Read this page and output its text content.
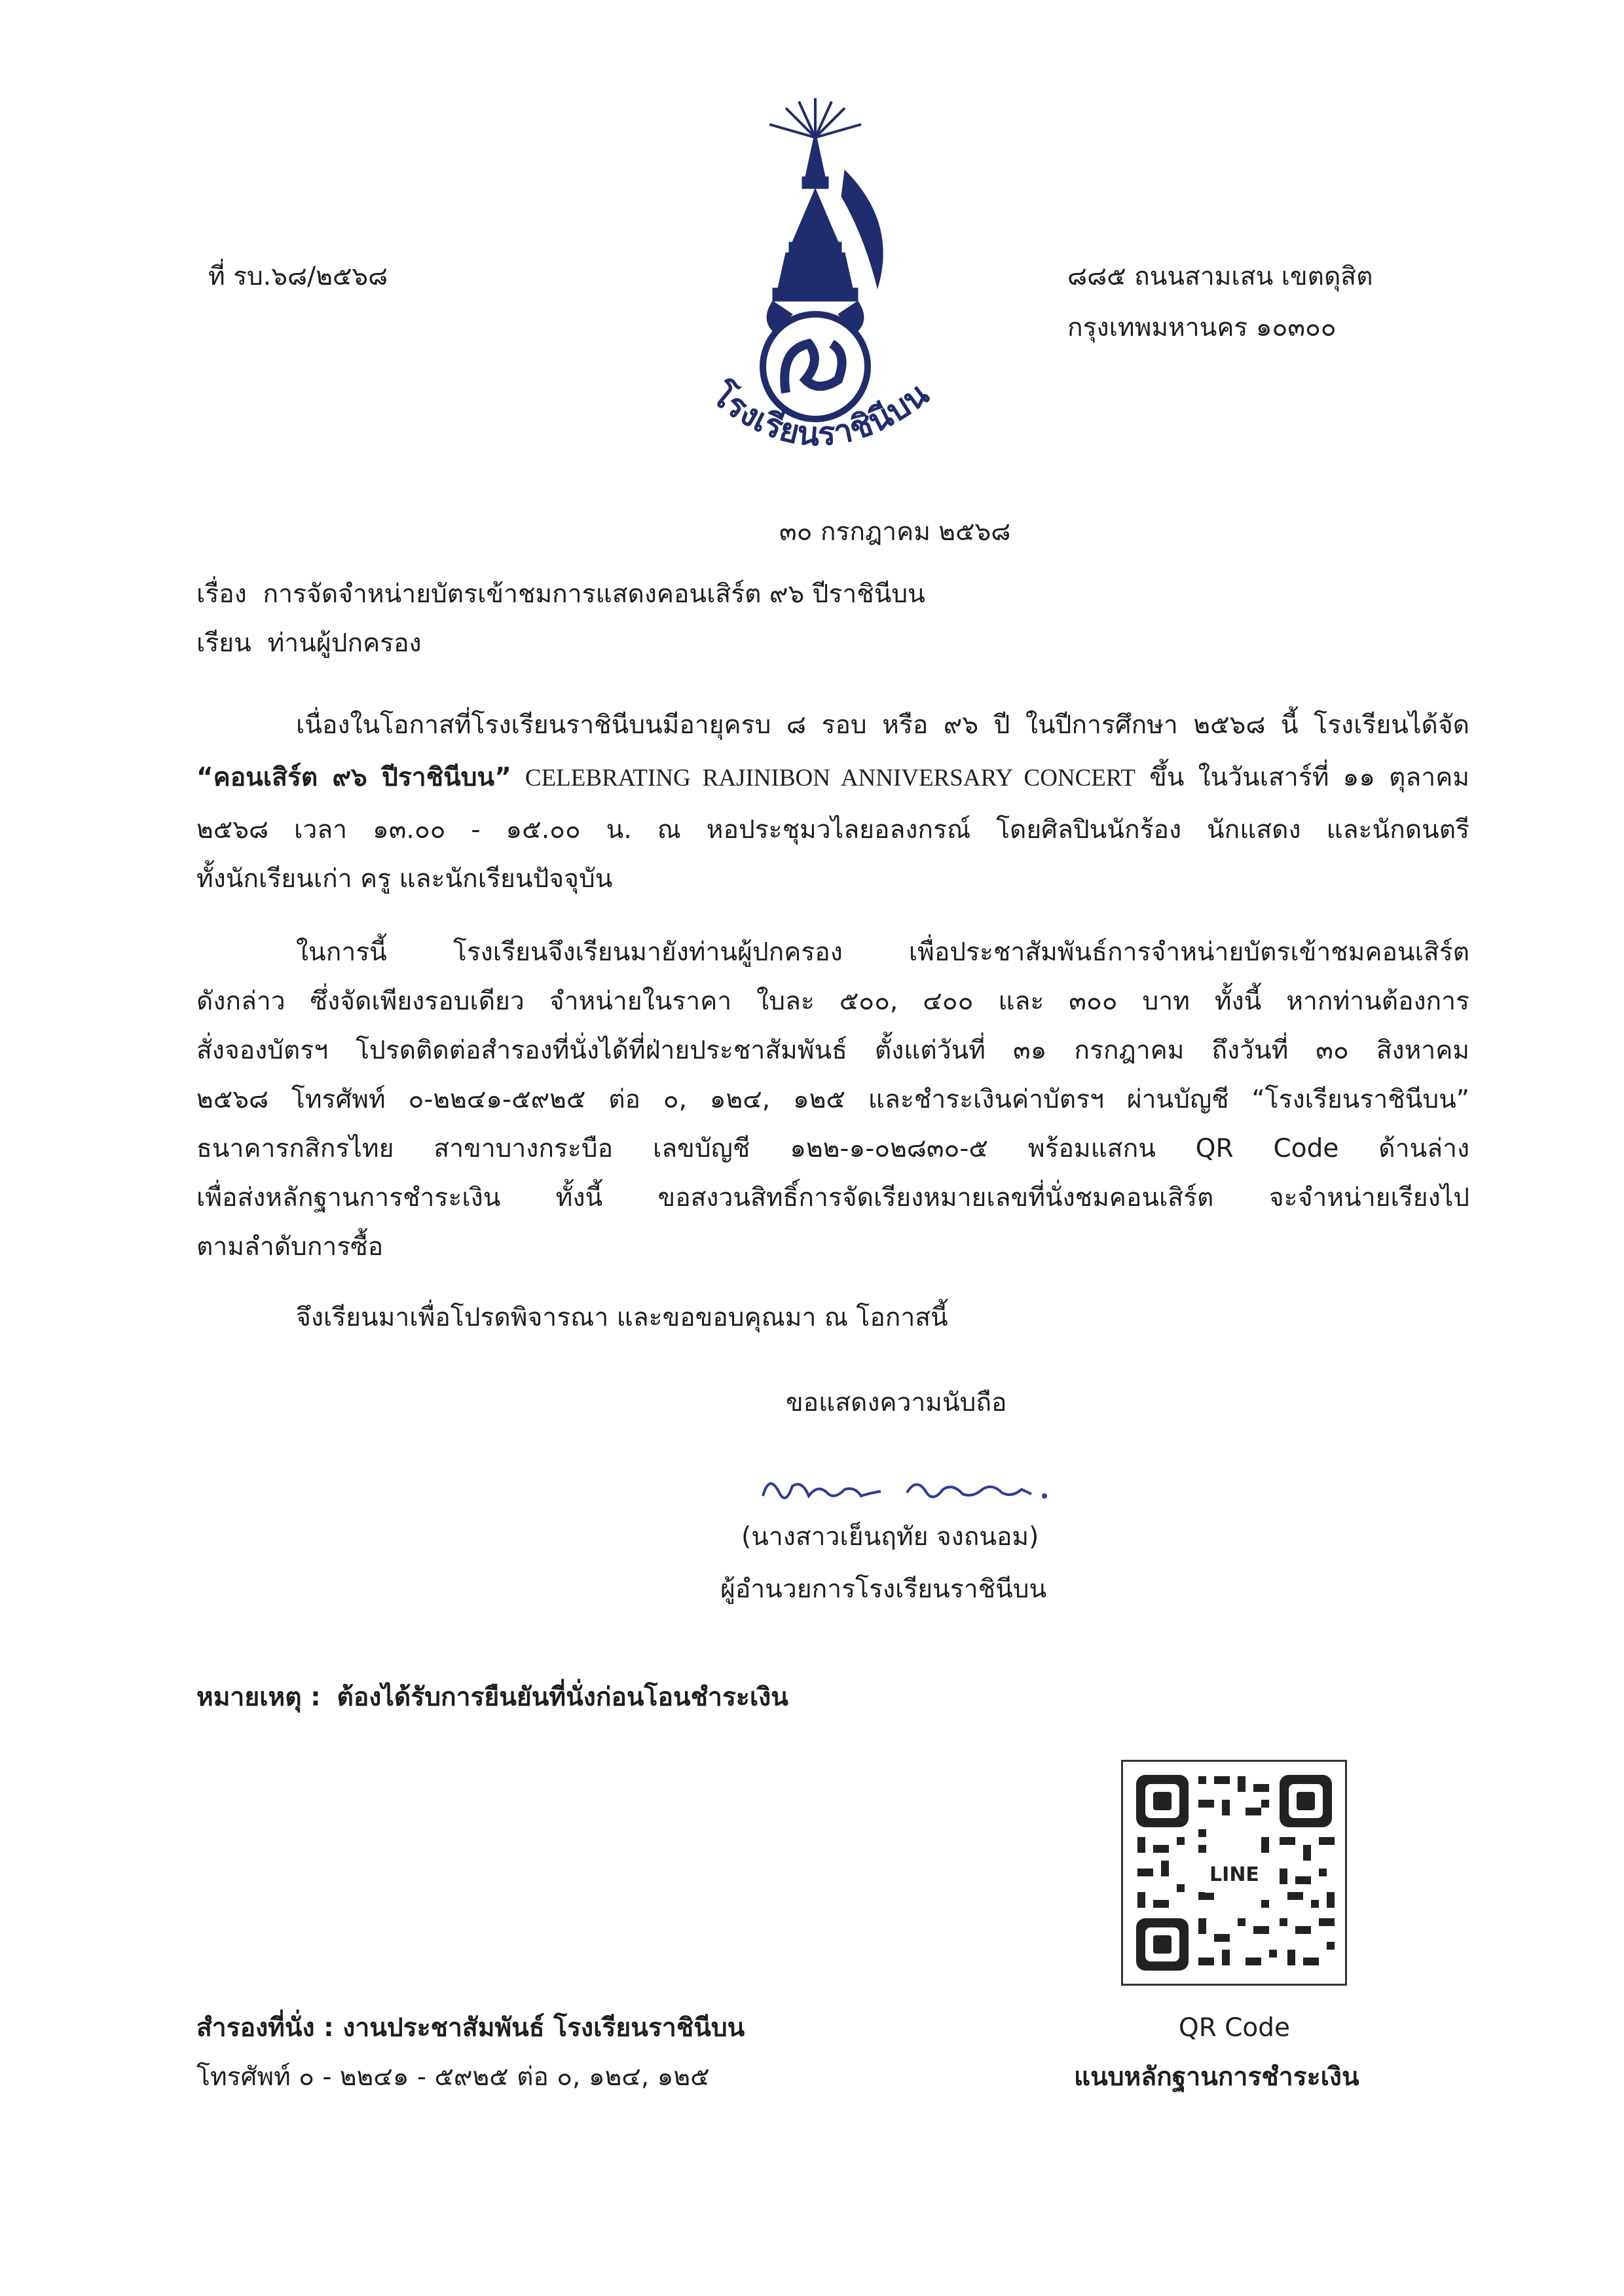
ที่ รบ.๖๘/๒๕๖๘	๘๘๕ ถนนสามเสน เขตดุสิต
กรุงเทพมหานคร ๑๐๓๐๐
โรงเรียนราชินีบน
๓๐ กรกฎาคม ๒๕๖๘
เรื่อง การจัดจำหน่ายบัตรเข้าชมการแสดงคอนเสิร์ต ๙๖ ปีราชินีบน
เรียน ท่านผู้ปกครอง
เนื่องในโอกาสที่โรงเรียนราชินีบนมีอายุครบ ๘ รอบ หรือ ๙๖ ปี ในปีการศึกษา ๒๕๖๘ นี้ โรงเรียนได้จัด
“คอนเสิร์ต ๙๖ ปีราชินีบน” CELEBRATING RAJINIBON ANNIVERSARY CONCERT ขึ้น ในวันเสาร์ที่ ๑๑ ตุลาคม
๒๕๖๘ เวลา ๑๓.๐๐ - ๑๕.๐๐ น. ณ หอประชุมวไลยอลงกรณ์ โดยศิลปินนักร้อง นักแสดง และนักดนตรี
ทั้งนักเรียนเก่า ครู และนักเรียนปัจจุบัน
ในการนี้ โรงเรียนจึงเรียนมายังท่านผู้ปกครอง เพื่อประชาสัมพันธ์การจำหน่ายบัตรเข้าชมคอนเสิร์ต
ดังกล่าว ซึ่งจัดเพียงรอบเดียว จำหน่ายในราคา ใบละ ๕๐๐, ๔๐๐ และ ๓๐๐ บาท ทั้งนี้ หากท่านต้องการ
สั่งจองบัตรฯ โปรดติดต่อสำรองที่นั่งได้ที่ฝ่ายประชาสัมพันธ์ ตั้งแต่วันที่ ๓๑ กรกฎาคม ถึงวันที่ ๓๐ สิงหาคม
๒๕๖๘ โทรศัพท์ ๐-๒๒๔๑-๕๙๒๕ ต่อ ๐, ๑๒๔, ๑๒๕ และชำระเงินค่าบัตรฯ ผ่านบัญชี “โรงเรียนราชินีบน”
ธนาคารกสิกรไทย สาขาบางกระบือ เลขบัญชี ๑๒๒-๑-๐๒๘๓๐-๕ พร้อมแสกน QR Code ด้านล่าง
เพื่อส่งหลักฐานการชำระเงิน ทั้งนี้ ขอสงวนสิทธิ์การจัดเรียงหมายเลขที่นั่งชมคอนเสิร์ต จะจำหน่ายเรียงไป
ตามลำดับการซื้อ
จึงเรียนมาเพื่อโปรดพิจารณา และขอขอบคุณมา ณ โอกาสนี้
ขอแสดงความนับถือ
(นางสาวเย็นฤทัย จงถนอม)
ผู้อำนวยการโรงเรียนราชินีบน
หมายเหตุ : ต้องได้รับการยืนยันที่นั่งก่อนโอนชำระเงิน
LINE
QR Code
แนบหลักฐานการชำระเงิน
สำรองที่นั่ง : งานประชาสัมพันธ์ โรงเรียนราชินีบน
โทรศัพท์ ๐ - ๒๒๔๑ - ๕๙๒๕ ต่อ ๐, ๑๒๔, ๑๒๕
